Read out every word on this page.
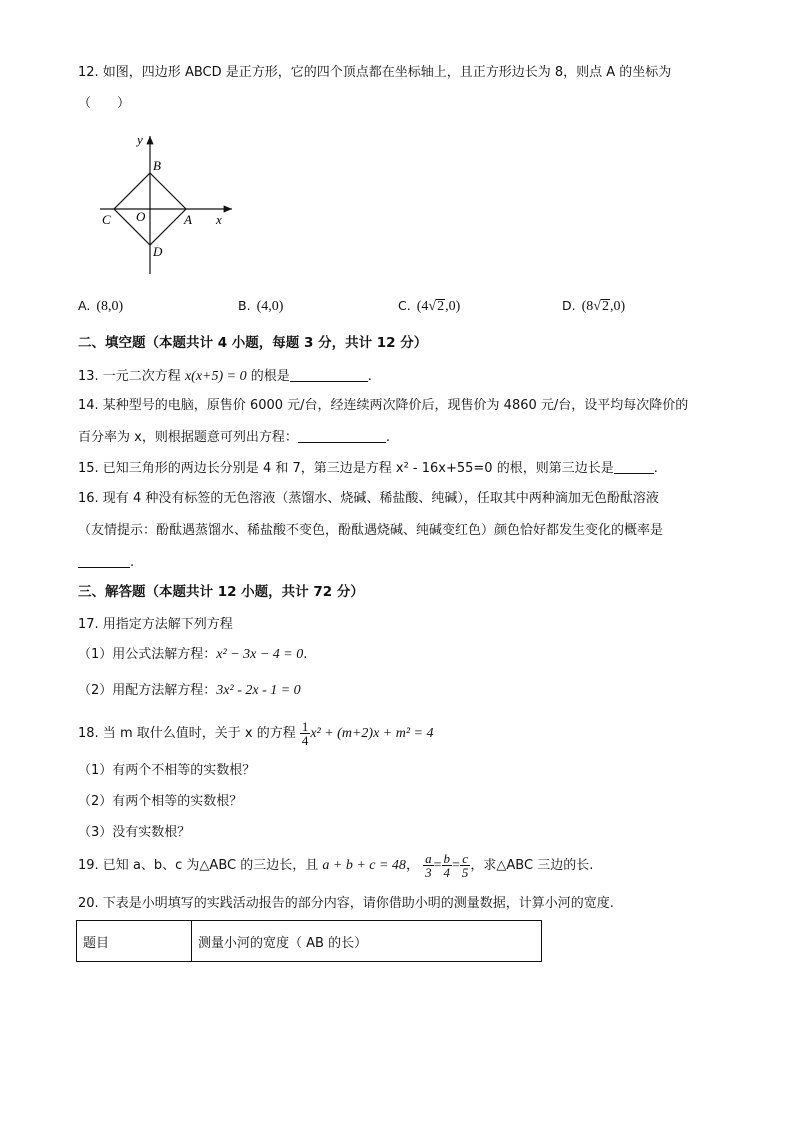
12. 如图，四边形 ABCD 是正方形，它的四个顶点都在坐标轴上，且正方形边长为 8，则点 A 的坐标为
（　　）
y
B
C O	A x
D
A. (8,0)	B. (4,0)	C. (4√2,0)	D. (8√2,0)
二、填空题（本题共计 4 小题，每题 3 分，共计 12 分）
13. 一元二次方程 x(x+5) = 0 的根是	.
14. 某种型号的电脑，原售价 6000 元/台，经连续两次降价后，现售价为 4860 元/台，设平均每次降价的
百分率为 x，则根据题意可列出方程：	.
15. 已知三角形的两边长分别是 4 和 7，第三边是方程 x² - 16x+55=0 的根，则第三边长是	.
16. 现有 4 种没有标签的无色溶液（蒸馏水、烧碱、稀盐酸、纯碱），任取其中两种滴加无色酚酞溶液
（友情提示：酚酞遇蒸馏水、稀盐酸不变色，酚酞遇烧碱、纯碱变红色）颜色恰好都发生变化的概率是
.
三、解答题（本题共计 12 小题，共计 72 分）
17. 用指定方法解下列方程
（1）用公式法解方程：x² − 3x − 4 = 0.
（2）用配方法解方程：3x² - 2x - 1 = 0
18. 当 m 取什么值时，关于 x 的方程 $\frac{1}{4} x^2 + (m+2)x + m^2 = 4$
（1）有两个不相等的实数根？
（2）有两个相等的实数根？
（3）没有实数根？
19. 已知 a、b、c 为△ABC 的三边长，且 a + b + c = 48， $\frac{a}{3} = \frac{b}{4} = \frac{c}{5}$ ，求△ABC 三边的长.
20. 下表是小明填写的实践活动报告的部分内容，请你借助小明的测量数据，计算小河的宽度.
题目	测量小河的宽度（ AB 的长）
